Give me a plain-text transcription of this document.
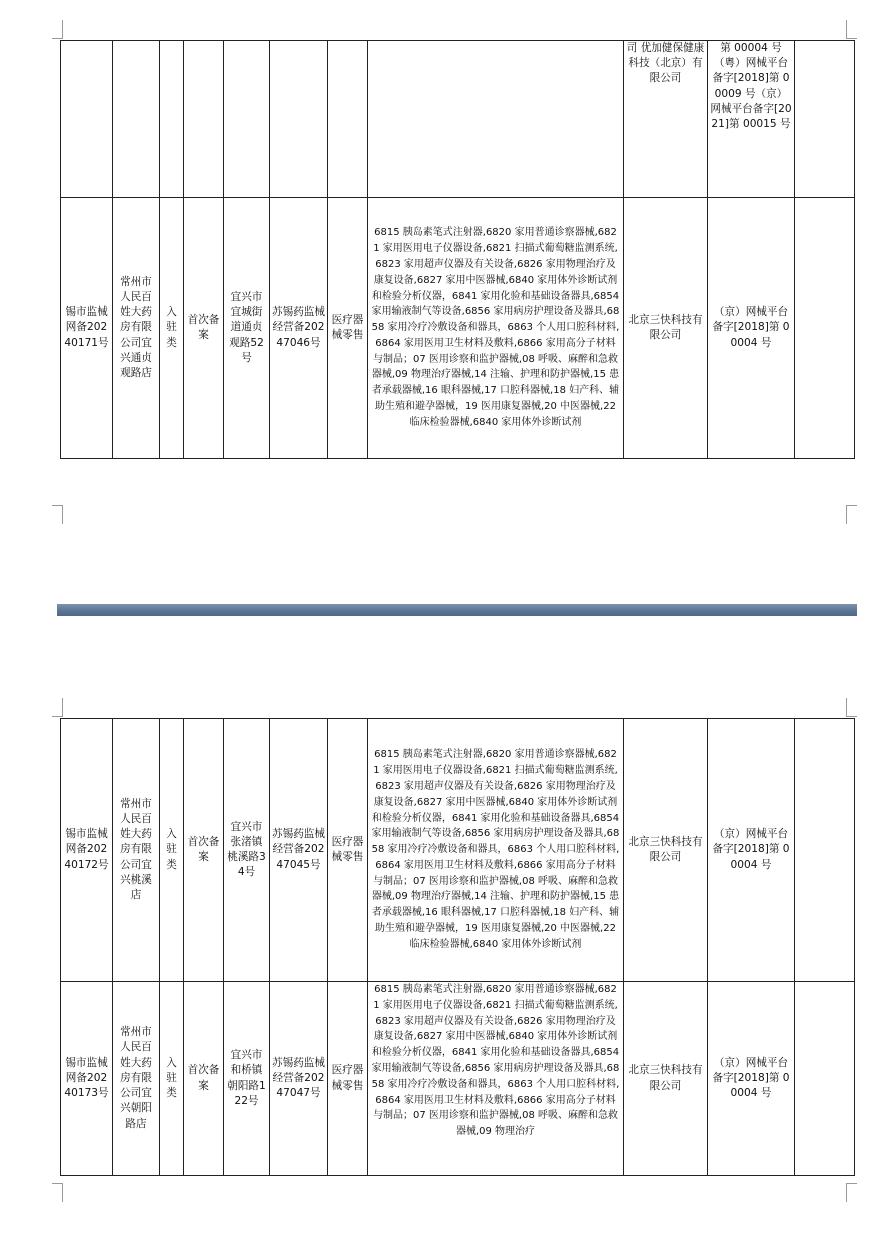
								司 优加健保健康科技（北京）有限公司	第 00004 号（粤）网械平台备字[2018]第 00009 号（京）网械平台备字[2021]第 00015 号	
锡市监械网备20240171号	常州市人民百姓大药房有限公司宜兴通贞观路店	入驻类	首次备案	宜兴市宜城街道通贞观路52号	苏锡药监械经营备20247046号	医疗器械零售	6815 胰岛素笔式注射器,6820 家用普通诊察器械,6821 家用医用电子仪器设备,6821 扫描式葡萄糖监测系统,6823 家用超声仪器及有关设备,6826 家用物理治疗及康复设备,6827 家用中医器械,6840 家用体外诊断试剂和检验分析仪器，6841 家用化验和基础设备器具,6854 家用输液制气等设备,6856 家用病房护理设备及器具,6858 家用冷疗冷敷设备和器具，6863 个人用口腔科材料,6864 家用医用卫生材料及敷料,6866 家用高分子材料与制品；07 医用诊察和监护器械,08 呼吸、麻醉和急救器械,09 物理治疗器械,14 注输、护理和防护器械,15 患者承载器械,16 眼科器械,17 口腔科器械,18 妇产科、辅助生殖和避孕器械，19 医用康复器械,20 中医器械,22 临床检验器械,6840 家用体外诊断试剂	北京三快科技有限公司	（京）网械平台备字[2018]第 00004 号	
锡市监械网备20240172号	常州市人民百姓大药房有限公司宜兴桃溪店	入驻类	首次备案	宜兴市张渚镇桃溪路34号	苏锡药监械经营备20247045号	医疗器械零售	6815 胰岛素笔式注射器,6820 家用普通诊察器械,6821 家用医用电子仪器设备,6821 扫描式葡萄糖监测系统,6823 家用超声仪器及有关设备,6826 家用物理治疗及康复设备,6827 家用中医器械,6840 家用体外诊断试剂和检验分析仪器，6841 家用化验和基础设备器具,6854 家用输液制气等设备,6856 家用病房护理设备及器具,6858 家用冷疗冷敷设备和器具，6863 个人用口腔科材料,6864 家用医用卫生材料及敷料,6866 家用高分子材料与制品；07 医用诊察和监护器械,08 呼吸、麻醉和急救器械,09 物理治疗器械,14 注输、护理和防护器械,15 患者承载器械,16 眼科器械,17 口腔科器械,18 妇产科、辅助生殖和避孕器械，19 医用康复器械,20 中医器械,22 临床检验器械,6840 家用体外诊断试剂	北京三快科技有限公司	（京）网械平台备字[2018]第 00004 号	
锡市监械网备20240173号	常州市人民百姓大药房有限公司宜兴朝阳路店	入驻类	首次备案	宜兴市和桥镇朝阳路122号	苏锡药监械经营备20247047号	医疗器械零售	6815 胰岛素笔式注射器,6820 家用普通诊察器械,6821 家用医用电子仪器设备,6821 扫描式葡萄糖监测系统,6823 家用超声仪器及有关设备,6826 家用物理治疗及康复设备,6827 家用中医器械,6840 家用体外诊断试剂和检验分析仪器，6841 家用化验和基础设备器具,6854 家用输液制气等设备,6856 家用病房护理设备及器具,6858 家用冷疗冷敷设备和器具，6863 个人用口腔科材料,6864 家用医用卫生材料及敷料,6866 家用高分子材料与制品；07 医用诊察和监护器械,08 呼吸、麻醉和急救器械,09 物理治疗	北京三快科技有限公司	（京）网械平台备字[2018]第 00004 号	
